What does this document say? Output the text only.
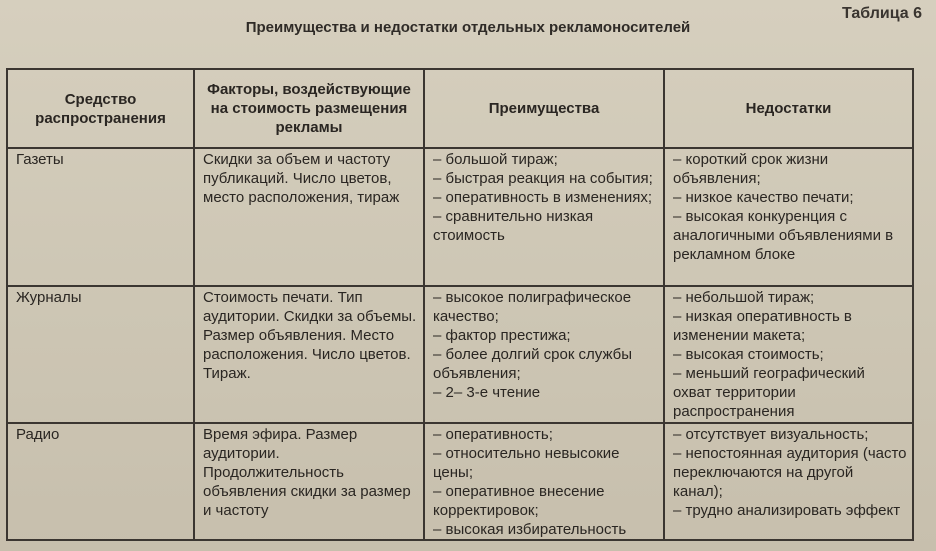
Таблица 6
Преимущества и недостатки отдельных рекламоносителей
Средство распространения	Факторы, воздействующие на стоимость размещения рекламы	Преимущества	Недостатки
Газеты	Скидки за объем и частоту публикаций. Число цветов, место расположения, тираж	– большой тираж;
– быстрая реакция на события;
– оперативность в изменениях;
– сравнительно низкая стоимость	– короткий срок жизни объявления;
– низкое качество печати;
– высокая конкуренция с аналогичными объявлениями в рекламном блоке

Журналы	Стоимость печати. Тип аудитории. Скидки за объемы. Размер объявления. Место расположения. Число цветов. Тираж.	– высокое полиграфическое качество;
– фактор престижа;
– более долгий срок службы объявления;
– 2– 3-е чтение	– небольшой тираж;
– низкая оперативность в изменении макета;
– высокая стоимость;
– меньший географический охват территории распространения

Радио	Время эфира. Размер аудитории. Продолжительность объявления скидки за размер и частоту	– оперативность;
– относительно невысокие цены;
– оперативное внесение корректировок;
– высокая избирательность	– отсутствует визуальность;
– непостоянная аудитория (часто переключаются на другой канал);
– трудно анализировать эффект
